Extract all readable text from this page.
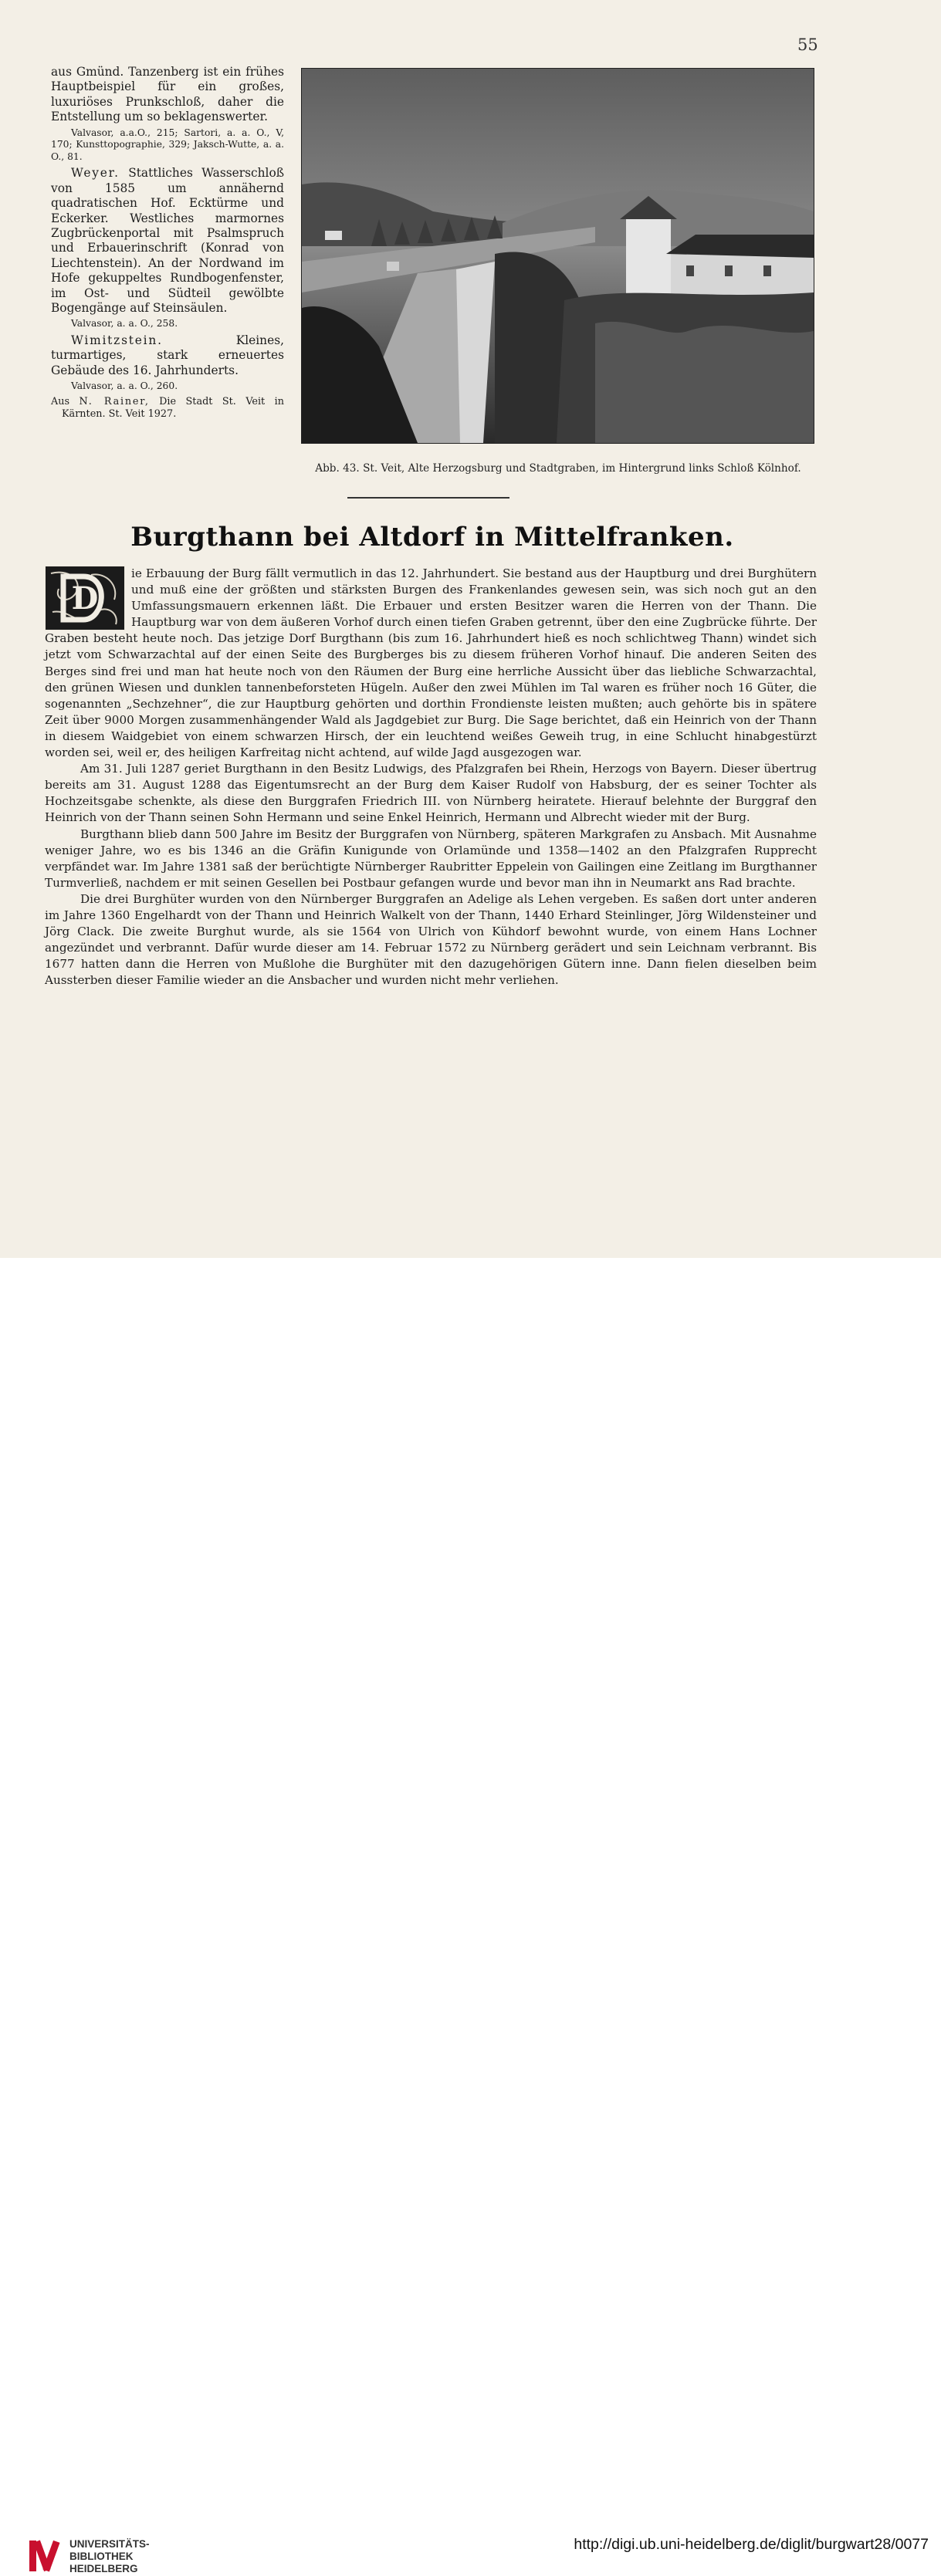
55

aus Gmünd. Tanzenberg ist ein frühes Hauptbeispiel für ein großes, luxuriöses Prunkschloß, daher die Entstellung um so beklagenswerter.

Valvasor, a.a.O., 215; Sartori, a. a. O., V, 170; Kunsttopographie, 329; Jaksch-Wutte, a. a. O., 81.

Weyer. Stattliches Wasserschloß von 1585 um annähernd quadratischen Hof. Ecktürme und Eckerker. Westliches marmornes Zugbrückenportal mit Psalmspruch und Erbauerinschrift (Konrad von Liechtenstein). An der Nordwand im Hofe gekuppeltes Rundbogenfenster, im Ost- und Südteil gewölbte Bogengänge auf Steinsäulen.

Valvasor, a. a. O., 258.

Wimitzstein.	Kleines, turmartiges, stark erneuertes Gebäude des 16. Jahrhunderts.

Valvasor, a. a. O., 260.
Aus N. Rainer, Die Stadt St. Veit in Kärnten. St. Veit 1927.
Abb. 43. St. Veit, Alte Herzogsburg und Stadtgraben, im Hintergrund links Schloß Kölnhof.
Burgthann bei Altdorf in Mittelfranken.
D

ie Erbauung der Burg fällt vermutlich in das 12. Jahrhundert. Sie bestand aus der Hauptburg und drei Burghütern und muß eine der größten und stärksten Burgen des Frankenlandes gewesen sein, was sich noch gut an den Umfassungsmauern erkennen läßt. Die Erbauer und ersten Besitzer waren die Herren von der Thann. Die Hauptburg war von dem äußeren Vorhof durch einen tiefen Graben getrennt, über den eine Zugbrücke führte. Der Graben besteht heute noch. Das jetzige Dorf Burgthann (bis zum 16. Jahrhundert hieß es noch schlichtweg Thann) windet sich jetzt vom Schwarzachtal auf der einen Seite des Burgberges bis zu diesem früheren Vorhof hinauf. Die anderen Seiten des Berges sind frei und man hat heute noch von den Räumen der Burg eine herrliche Aussicht über das liebliche Schwarzachtal, den grünen Wiesen und dunklen tannenbeforsteten Hügeln. Außer den zwei Mühlen im Tal waren es früher noch 16 Güter, die sogenannten „Sechzehner“, die zur Hauptburg gehörten und dorthin Frondienste leisten mußten; auch gehörte bis in spätere Zeit über 9000 Morgen zusammenhängender Wald als Jagdgebiet zur Burg. Die Sage berichtet, daß ein Heinrich von der Thann in diesem Waidgebiet von einem schwarzen Hirsch, der ein leuchtend weißes Geweih trug, in eine Schlucht hinabgestürzt worden sei, weil er, des heiligen Karfreitag nicht achtend, auf wilde Jagd ausgezogen war.

Am 31. Juli 1287 geriet Burgthann in den Besitz Ludwigs, des Pfalzgrafen bei Rhein, Herzogs von Bayern. Dieser übertrug bereits am 31. August 1288 das Eigentumsrecht an der Burg dem Kaiser Rudolf von Habsburg, der es seiner Tochter als Hochzeitsgabe schenkte, als diese den Burggrafen Friedrich III. von Nürnberg heiratete. Hierauf belehnte der Burggraf den Heinrich von der Thann seinen Sohn Hermann und seine Enkel Heinrich, Hermann und Albrecht wieder mit der Burg.

Burgthann blieb dann 500 Jahre im Besitz der Burggrafen von Nürnberg, späteren Markgrafen zu Ansbach. Mit Ausnahme weniger Jahre, wo es bis 1346 an die Gräfin Kunigunde von Orlamünde und 1358—1402 an den Pfalzgrafen Rupprecht verpfändet war. Im Jahre 1381 saß der berüchtigte Nürnberger Raubritter Eppelein von Gailingen eine Zeitlang im Burgthanner Turmverließ, nachdem er mit seinen Gesellen bei Postbaur gefangen wurde und bevor man ihn in Neumarkt ans Rad brachte.

Die drei Burghüter wurden von den Nürnberger Burggrafen an Adelige als Lehen vergeben. Es saßen dort unter anderen im Jahre 1360 Engelhardt von der Thann und Heinrich Walkelt von der Thann, 1440 Erhard Steinlinger, Jörg Wildensteiner und Jörg Clack. Die zweite Burghut wurde, als sie 1564 von Ulrich von Kühdorf bewohnt wurde, von einem Hans Lochner angezündet und verbrannt. Dafür wurde dieser am 14. Februar 1572 zu Nürnberg gerädert und sein Leichnam verbrannt. Bis 1677 hatten dann die Herren von Mußlohe die Burghüter mit den dazugehörigen Gütern inne. Dann fielen dieselben beim Aussterben dieser Familie wieder an die Ansbacher und wurden nicht mehr verliehen.

UNIVERSITÄTS-
BIBLIOTHEK
HEIDELBERG
http://digi.ub.uni-heidelberg.de/diglit/burgwart28/0077
